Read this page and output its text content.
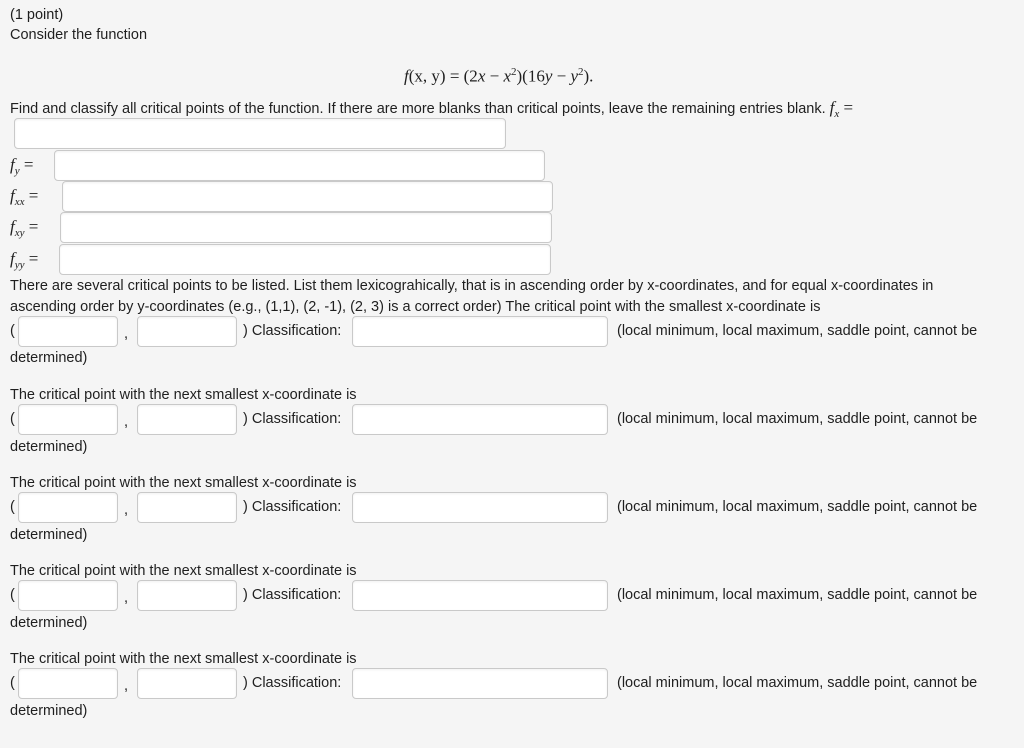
(1 point)
Consider the function
f(x, $y) = (2x - x^2)(16y - y^2)$.
Find and classify all critical points of the function. If there are more blanks than critical points, leave the remaining entries blank. $f_x$ =
$f_y$ =
$f_{xx}$ =
$f_{xy}$ =
$f_{yy}$ =
There are several critical points to be listed. List them lexicograhically, that is in ascending order by x-coordinates, and for equal x-coordinates in
ascending order by y-coordinates (e.g., (1,1), (2, -1), (2, 3) is a correct order) The critical point with the smallest x-coordinate is
(	,	) Classification:	(local minimum, local maximum, saddle point, cannot be
determined)
The critical point with the next smallest x-coordinate is
(	,	) Classification:	(local minimum, local maximum, saddle point, cannot be
determined)
The critical point with the next smallest x-coordinate is
(	,	) Classification:	(local minimum, local maximum, saddle point, cannot be
determined)
The critical point with the next smallest x-coordinate is
(	,	) Classification:	(local minimum, local maximum, saddle point, cannot be
determined)
The critical point with the next smallest x-coordinate is
(	,	) Classification:	(local minimum, local maximum, saddle point, cannot be
determined)
